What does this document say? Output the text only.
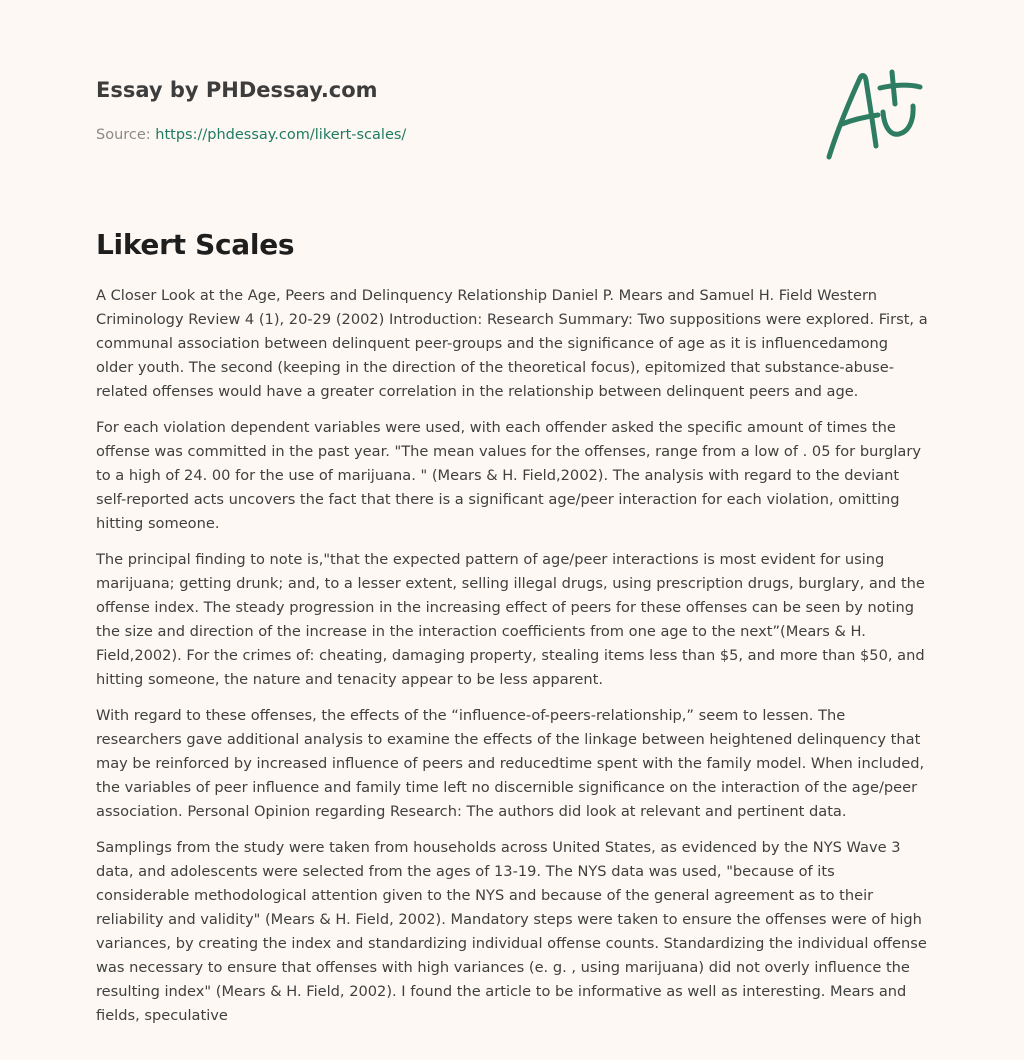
Essay by PHDessay.com
Source: https://phdessay.com/likert-scales/
Likert Scales

A Closer Look at the Age, Peers and Delinquency Relationship Daniel P. Mears and Samuel H. Field Western Criminology Review 4 (1), 20-29 (2002) Introduction: Research Summary: Two suppositions were explored. First, a communal association between delinquent peer-groups and the significance of age as it is influencedamong older youth. The second (keeping in the direction of the theoretical focus), epitomized that substance-abuse-related offenses would have a greater correlation in the relationship between delinquent peers and age.

For each violation dependent variables were used, with each offender asked the specific amount of times the offense was committed in the past year. "The mean values for the offenses, range from a low of . 05 for burglary to a high of 24. 00 for the use of marijuana. " (Mears & H. Field,2002). The analysis with regard to the deviant self-reported acts uncovers the fact that there is a significant age/peer interaction for each violation, omitting hitting someone.

The principal finding to note is,"that the expected pattern of age/peer interactions is most evident for using marijuana; getting drunk; and, to a lesser extent, selling illegal drugs, using prescription drugs, burglary, and the offense index. The steady progression in the increasing effect of peers for these offenses can be seen by noting the size and direction of the increase in the interaction coefficients from one age to the next”(Mears & H. Field,2002). For the crimes of: cheating, damaging property, stealing items less than $5, and more than $50, and hitting someone, the nature and tenacity appear to be less apparent.

With regard to these offenses, the effects of the “influence-of-peers-relationship,” seem to lessen. The researchers gave additional analysis to examine the effects of the linkage between heightened delinquency that may be reinforced by increased influence of peers and reducedtime spent with the family model. When included, the variables of peer influence and family time left no discernible significance on the interaction of the age/peer association. Personal Opinion regarding Research: The authors did look at relevant and pertinent data.

Samplings from the study were taken from households across United States, as evidenced by the NYS Wave 3 data, and adolescents were selected from the ages of 13-19. The NYS data was used, "because of its considerable methodological attention given to the NYS and because of the general agreement as to their reliability and validity" (Mears & H. Field, 2002). Mandatory steps were taken to ensure the offenses were of high variances, by creating the index and standardizing individual offense counts. Standardizing the individual offense was necessary to ensure that offenses with high variances (e. g. , using marijuana) did not overly influence the resulting index" (Mears & H. Field, 2002). I found the article to be informative as well as interesting. Mears and fields, speculative
